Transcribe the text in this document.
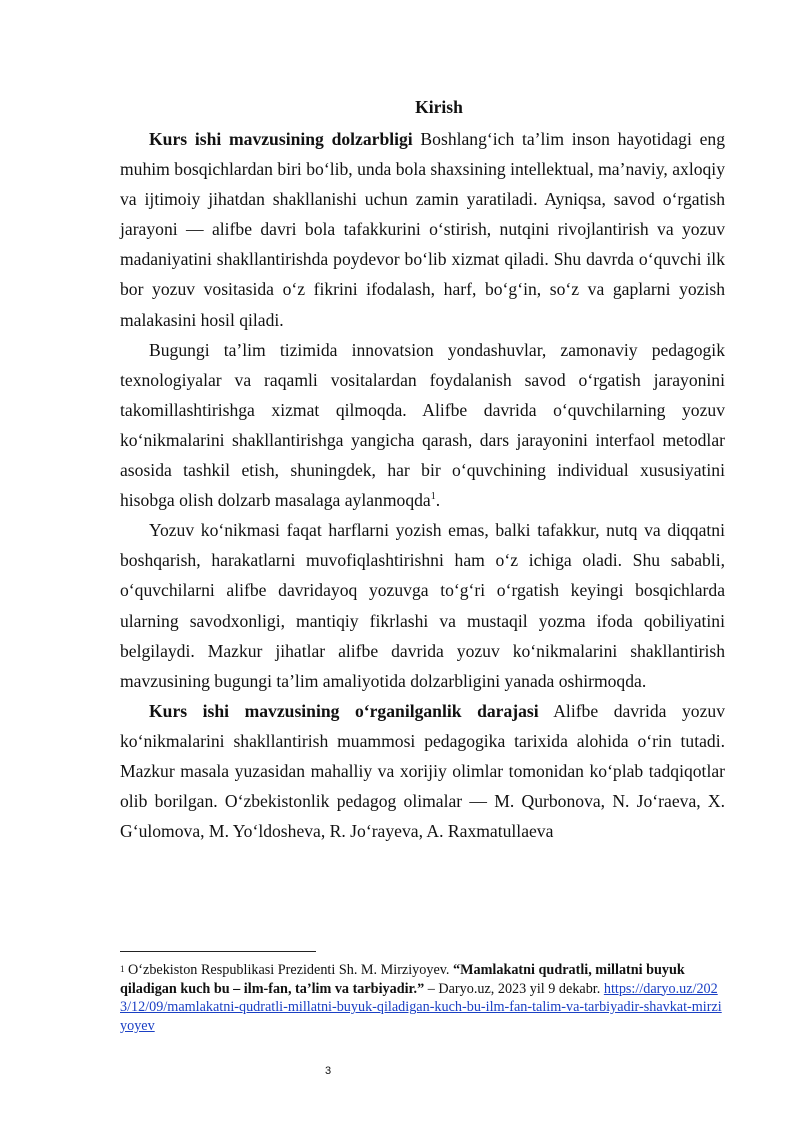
Kirish

Kurs ishi mavzusining dolzarbligi Boshlang‘ich ta’lim inson hayotidagi eng muhim bosqichlardan biri bo‘lib, unda bola shaxsining intellektual, ma’naviy, axloqiy va ijtimoiy jihatdan shakllanishi uchun zamin yaratiladi. Ayniqsa, savod o‘rgatish jarayoni — alifbe davri bola tafakkurini o‘stirish, nutqini rivojlantirish va yozuv madaniyatini shakllantirishda poydevor bo‘lib xizmat qiladi. Shu davrda o‘quvchi ilk bor yozuv vositasida o‘z fikrini ifodalash, harf, bo‘g‘in, so‘z va gaplarni yozish malakasini hosil qiladi.

Bugungi ta’lim tizimida innovatsion yondashuvlar, zamonaviy pedagogik texnologiyalar va raqamli vositalardan foydalanish savod o‘rgatish jarayonini takomillashtirishga xizmat qilmoqda. Alifbe davrida o‘quvchilarning yozuv ko‘nikmalarini shakllantirishga yangicha qarash, dars jarayonini interfaol metodlar asosida tashkil etish, shuningdek, har bir o‘quvchining individual xususiyatini hisobga olish dolzarb masalaga aylanmoqda$^1$.

Yozuv ko‘nikmasi faqat harflarni yozish emas, balki tafakkur, nutq va diqqatni boshqarish, harakatlarni muvofiqlashtirishni ham o‘z ichiga oladi. Shu sababli, o‘quvchilarni alifbe davridayoq yozuvga to‘g‘ri o‘rgatish keyingi bosqichlarda ularning savodxonligi, mantiqiy fikrlashi va mustaqil yozma ifoda qobiliyatini belgilaydi. Mazkur jihatlar alifbe davrida yozuv ko‘nikmalarini shakllantirish mavzusining bugungi ta’lim amaliyotida dolzarbligini yanada oshirmoqda.

Kurs ishi mavzusining o‘rganilganlik darajasi Alifbe davrida yozuv ko‘nikmalarini shakllantirish muammosi pedagogika tarixida alohida o‘rin tutadi. Mazkur masala yuzasidan mahalliy va xorijiy olimlar tomonidan ko‘plab tadqiqotlar olib borilgan. O‘zbekistonlik pedagog olimalar — M. Qurbonova, N. Jo‘raeva, X. G‘ulomova, M. Yo‘ldosheva, R. Jo‘rayeva, A. Raxmatullaeva

1 O‘zbekiston Respublikasi Prezidenti Sh. M. Mirziyoyev. “Mamlakatni qudratli, millatni buyuk qiladigan kuch bu – ilm-fan, ta’lim va tarbiyadir.” – Daryo.uz, 2023 yil 9 dekabr. https://daryo.uz/2023/12/09/mamlakatni-qudratli-millatni-buyuk-qiladigan-kuch-bu-ilm-fan-talim-va-tarbiyadir-shavkat-mirziyoyev
3
